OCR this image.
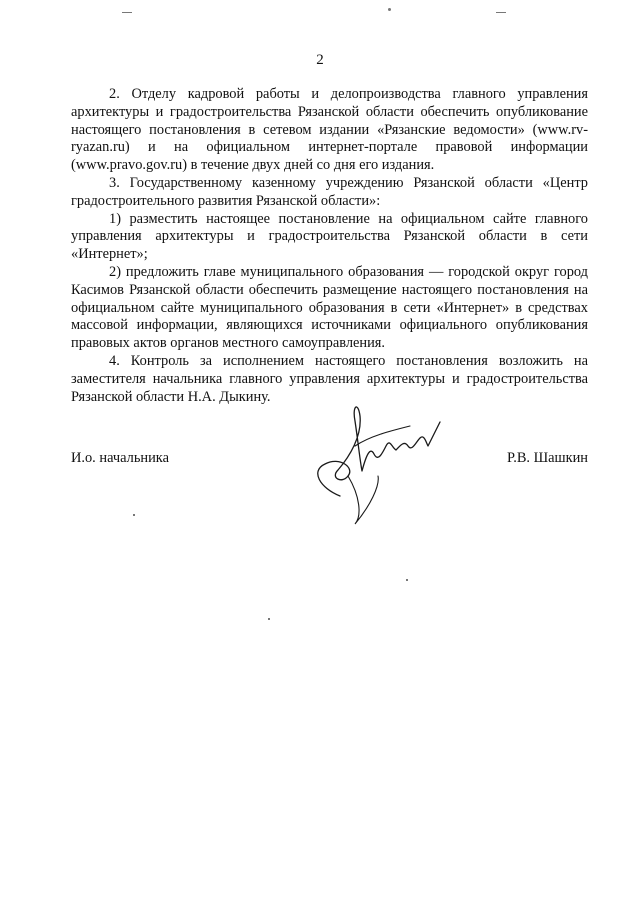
2

2. Отделу кадровой работы и делопроизводства главного управления архитектуры и градостроительства Рязанской области обеспечить опубликование настоящего постановления в сетевом издании «Рязанские ведомости» (www.rv-ryazan.ru) и на официальном интернет-портале правовой информации (www.pravo.gov.ru) в течение двух дней со дня его издания.

3. Государственному казенному учреждению Рязанской области «Центр градостроительного развития Рязанской области»:

1) разместить настоящее постановление на официальном сайте главного управления архитектуры и градостроительства Рязанской области в сети «Интернет»;

2) предложить главе муниципального образования — городской округ город Касимов Рязанской области обеспечить размещение настоящего постановления на официальном сайте муниципального образования в сети «Интернет» в средствах массовой информации, являющихся источниками официального опубликования правовых актов органов местного самоуправления.

4. Контроль за исполнением настоящего постановления возложить на заместителя начальника главного управления архитектуры и градостроительства Рязанской области Н.А. Дыкину.

И.о. начальника	Р.В. Шашкин
